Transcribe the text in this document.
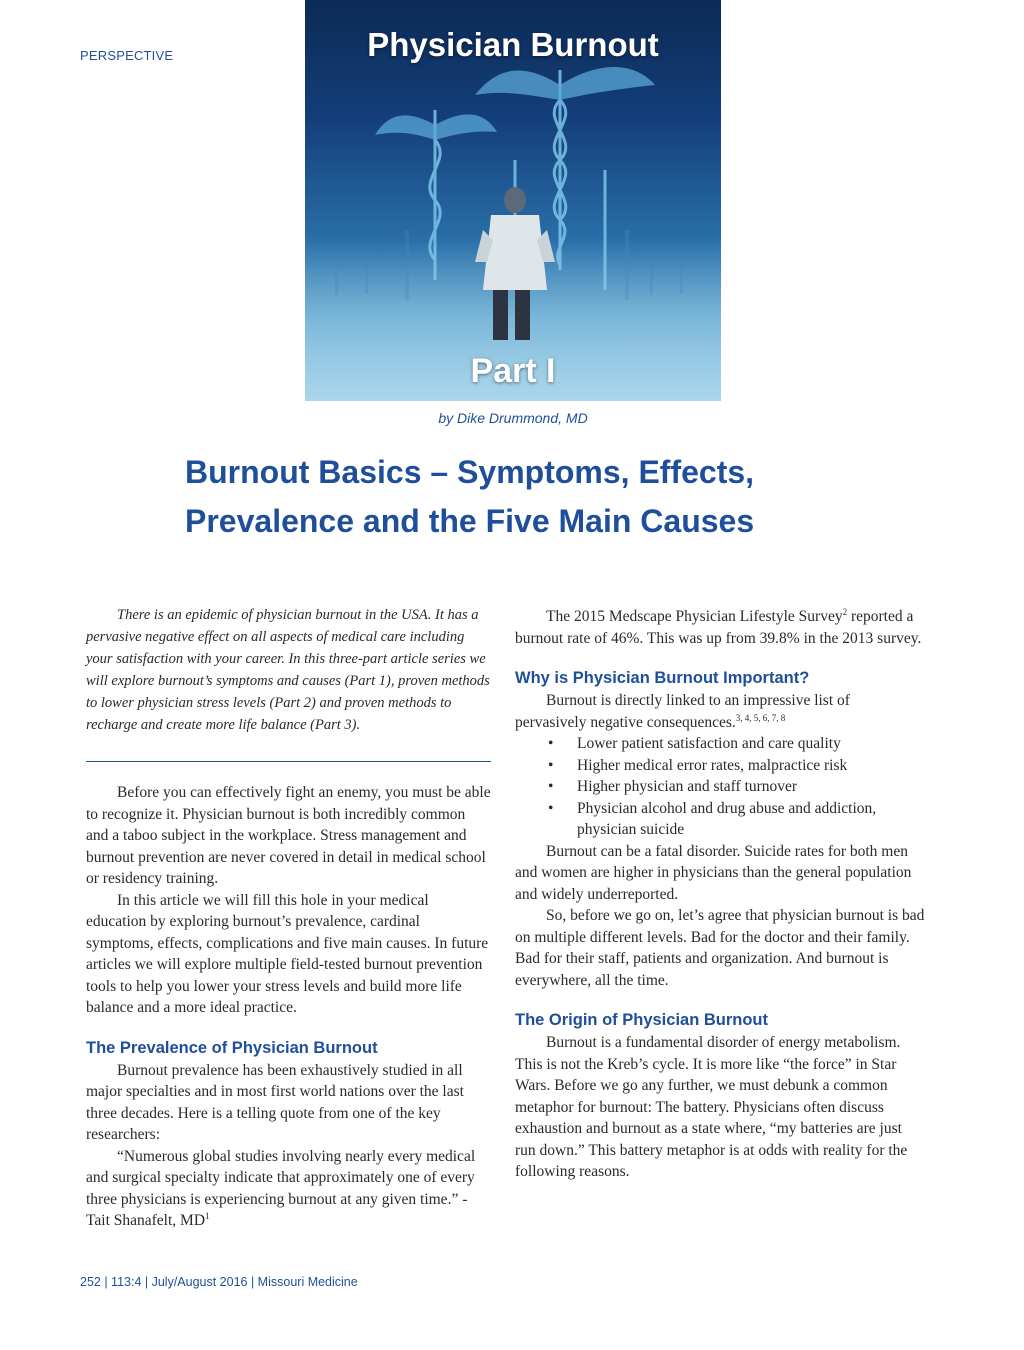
PERSPECTIVE	Physician Burnout
Part I
by Dike Drummond, MD
Burnout Basics – Symptoms, Effects,
Prevalence and the Five Main Causes

There is an epidemic of physician burnout in the USA. It has a pervasive negative effect on all aspects of medical care including your satisfaction with your career. In this three-part article series we will explore burnout’s symptoms and causes (Part 1), proven methods to lower physician stress levels (Part 2) and proven methods to recharge and create more life balance (Part 3).

Before you can effectively fight an enemy, you must be able to recognize it. Physician burnout is both incredibly common and a taboo subject in the workplace. Stress management and burnout prevention are never covered in detail in medical school or residency training.

In this article we will fill this hole in your medical education by exploring burnout’s prevalence, cardinal symptoms, effects, complications and five main causes. In future articles we will explore multiple field-tested burnout prevention tools to help you lower your stress levels and build more life balance and a more ideal practice.

The Prevalence of Physician Burnout

Burnout prevalence has been exhaustively studied in all major specialties and in most first world nations over the last three decades. Here is a telling quote from one of the key researchers:

“Numerous global studies involving nearly every medical and surgical specialty indicate that approximately one of every three physicians is experiencing burnout at any given time.” - Tait Shanafelt, $MD^1$

The 2015 Medscape Physician Lifestyle Survey$^2$ reported a burnout rate of 46%. This was up from 39.8% in the 2013 survey.

Why is Physician Burnout Important?

Burnout is directly linked to an impressive list of pervasively negative consequences.$^{3, 4, 5, 6, 7, 8}$

• Lower patient satisfaction and care quality
• Higher medical error rates, malpractice risk
• Higher physician and staff turnover
• Physician alcohol and drug abuse and addiction, physician suicide

Burnout can be a fatal disorder. Suicide rates for both men and women are higher in physicians than the general population and widely underreported.

So, before we go on, let’s agree that physician burnout is bad on multiple different levels. Bad for the doctor and their family. Bad for their staff, patients and organization. And burnout is everywhere, all the time.

The Origin of Physician Burnout

Burnout is a fundamental disorder of energy metabolism. This is not the Kreb’s cycle. It is more like “the force” in Star Wars. Before we go any further, we must debunk a common metaphor for burnout: The battery. Physicians often discuss exhaustion and burnout as a state where, “my batteries are just run down.” This battery metaphor is at odds with reality for the following reasons.

252 | 113:4 | July/August 2016 | Missouri Medicine
